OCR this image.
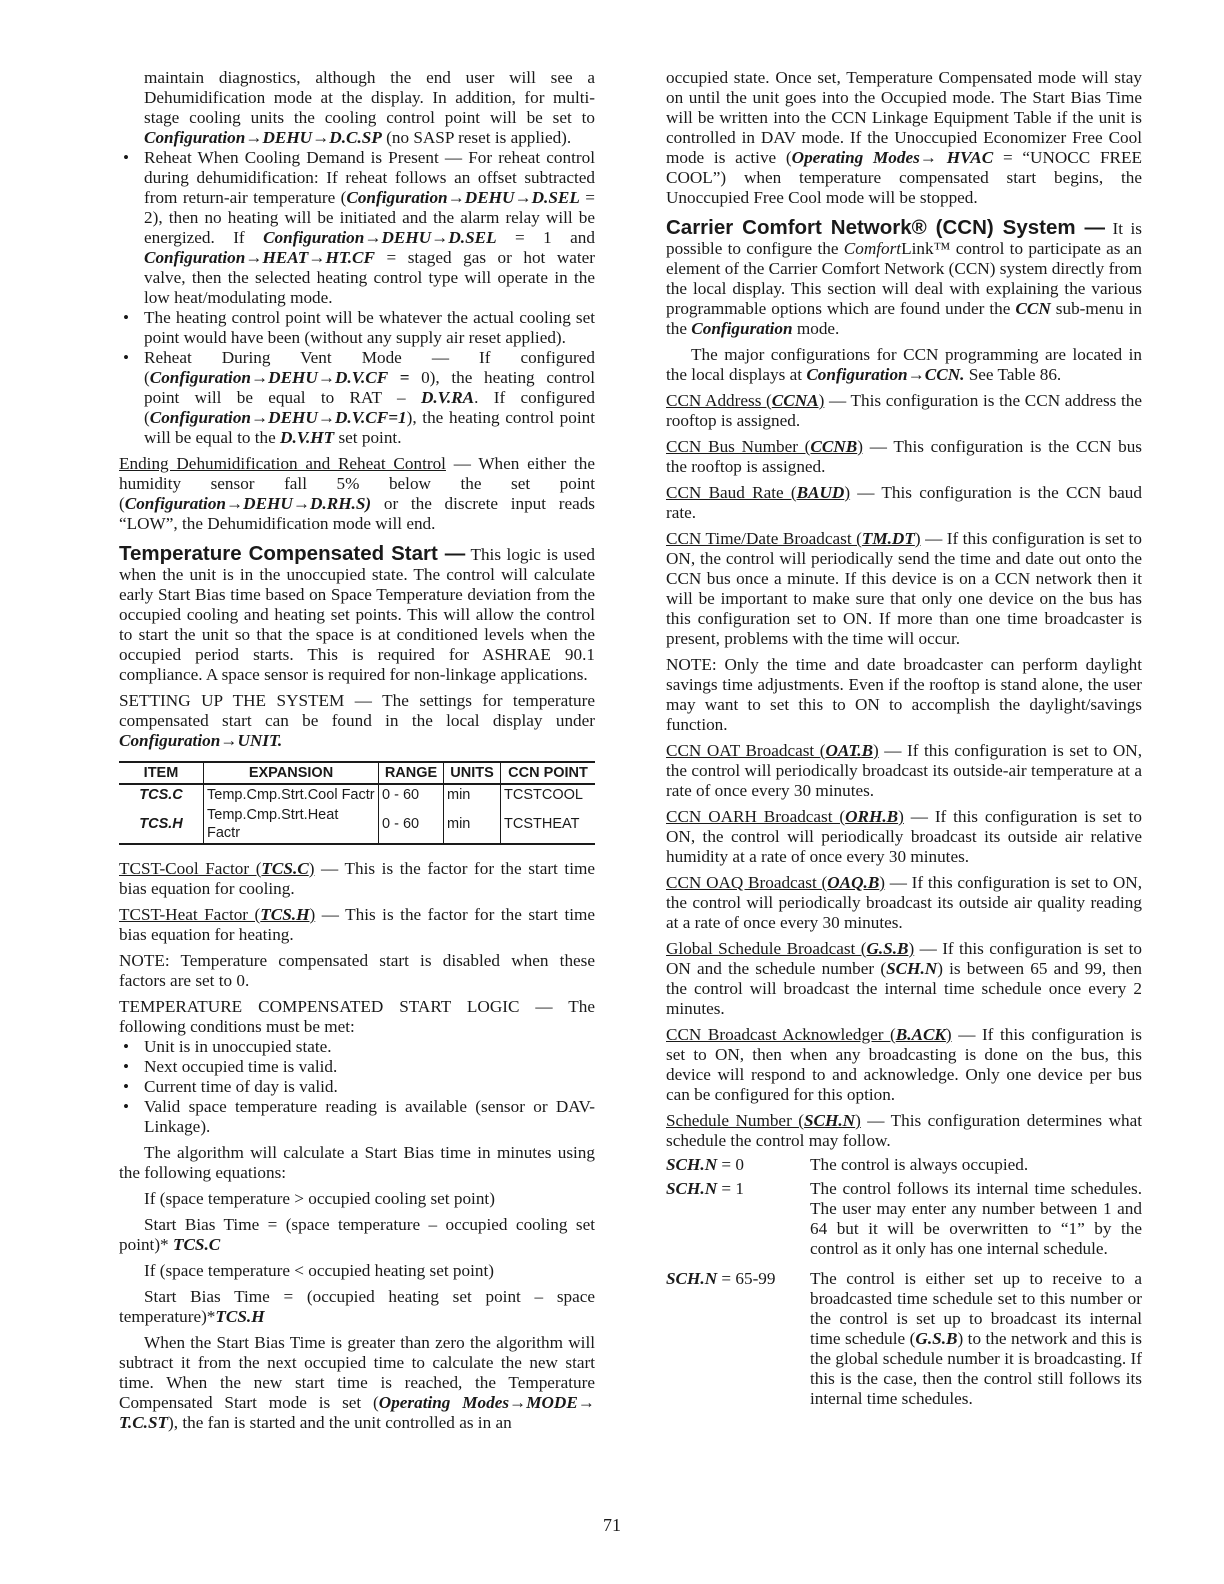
maintain diagnostics, although the end user will see a Dehumidification mode at the display. In addition, for multi-stage cooling units the cooling control point will be set to Configuration→DEHU→D.C.SP (no SASP reset is applied).

• Reheat When Cooling Demand is Present — For reheat control during dehumidification: If reheat follows an offset subtracted from return-air temperature (Configuration→DEHU→D.SEL = 2), then no heating will be initiated and the alarm relay will be energized. If Configuration→DEHU→D.SEL = 1 and Configuration→HEAT→HT.CF = staged gas or hot water valve, then the selected heating control type will operate in the low heat/modulating mode.
• The heating control point will be whatever the actual cooling set point would have been (without any supply air reset applied).
• Reheat During Vent Mode — If configured (Configuration→DEHU→D.V.CF = 0), the heating control point will be equal to RAT – D.V.RA. If configured (Configuration→DEHU→D.V.CF=1), the heating control point will be equal to the D.V.HT set point.

Ending Dehumidification and Reheat Control — When either the humidity sensor fall 5% below the set point (Configuration→DEHU→D.RH.S) or the discrete input reads “LOW”, the Dehumidification mode will end.

Temperature Compensated Start — This logic is used when the unit is in the unoccupied state. The control will calculate early Start Bias time based on Space Temperature deviation from the occupied cooling and heating set points. This will allow the control to start the unit so that the space is at conditioned levels when the occupied period starts. This is required for ASHRAE 90.1 compliance. A space sensor is required for non-linkage applications.

SETTING UP THE SYSTEM — The settings for temperature compensated start can be found in the local display under Configuration→UNIT.

ITEM	EXPANSION	RANGE	UNITS	CCN POINT
TCS.C	Temp.Cmp.Strt.Cool Factr	0 - 60	min	TCSTCOOL
TCS.H	Temp.Cmp.Strt.Heat Factr	0 - 60	min	TCSTHEAT

TCST-Cool Factor (TCS.C) — This is the factor for the start time bias equation for cooling.

TCST-Heat Factor (TCS.H) — This is the factor for the start time bias equation for heating.

NOTE: Temperature compensated start is disabled when these factors are set to 0.

TEMPERATURE COMPENSATED START LOGIC — The following conditions must be met:

• Unit is in unoccupied state.
• Next occupied time is valid.
• Current time of day is valid.
• Valid space temperature reading is available (sensor or DAV-Linkage).

The algorithm will calculate a Start Bias time in minutes using the following equations:

If (space temperature > occupied cooling set point)

Start Bias Time = (space temperature – occupied cooling set point)* TCS.C

If (space temperature < occupied heating set point)

Start Bias Time = (occupied heating set point – space temperature)*TCS.H

When the Start Bias Time is greater than zero the algorithm will subtract it from the next occupied time to calculate the new start time. When the new start time is reached, the Temperature Compensated Start mode is set (Operating Modes→MODE→ T.C.ST), the fan is started and the unit controlled as in an

occupied state. Once set, Temperature Compensated mode will stay on until the unit goes into the Occupied mode. The Start Bias Time will be written into the CCN Linkage Equipment Table if the unit is controlled in DAV mode. If the Unoccupied Economizer Free Cool mode is active (Operating Modes→ HVAC = “UNOCC FREE COOL”) when temperature compensated start begins, the Unoccupied Free Cool mode will be stopped.

Carrier Comfort Network® (CCN) System — It is possible to configure the ComfortLink™ control to participate as an element of the Carrier Comfort Network (CCN) system directly from the local display. This section will deal with explaining the various programmable options which are found under the CCN sub-menu in the Configuration mode.

The major configurations for CCN programming are located in the local displays at Configuration→CCN. See Table 86.

CCN Address (CCNA) — This configuration is the CCN address the rooftop is assigned.

CCN Bus Number (CCNB) — This configuration is the CCN bus the rooftop is assigned.

CCN Baud Rate (BAUD) — This configuration is the CCN baud rate.

CCN Time/Date Broadcast (TM.DT) — If this configuration is set to ON, the control will periodically send the time and date out onto the CCN bus once a minute. If this device is on a CCN network then it will be important to make sure that only one device on the bus has this configuration set to ON. If more than one time broadcaster is present, problems with the time will occur.

NOTE: Only the time and date broadcaster can perform daylight savings time adjustments. Even if the rooftop is stand alone, the user may want to set this to ON to accomplish the daylight/savings function.

CCN OAT Broadcast (OAT.B) — If this configuration is set to ON, the control will periodically broadcast its outside-air temperature at a rate of once every 30 minutes.

CCN OARH Broadcast (ORH.B) — If this configuration is set to ON, the control will periodically broadcast its outside air relative humidity at a rate of once every 30 minutes.

CCN OAQ Broadcast (OAQ.B) — If this configuration is set to ON, the control will periodically broadcast its outside air quality reading at a rate of once every 30 minutes.

Global Schedule Broadcast (G.S.B) — If this configuration is set to ON and the schedule number (SCH.N) is between 65 and 99, then the control will broadcast the internal time schedule once every 2 minutes.

CCN Broadcast Acknowledger (B.ACK) — If this configuration is set to ON, then when any broadcasting is done on the bus, this device will respond to and acknowledge. Only one device per bus can be configured for this option.

Schedule Number (SCH.N) — This configuration determines what schedule the control may follow.

SCH.N = 0	The control is always occupied.
SCH.N = 1	The control follows its internal time schedules. The user may enter any number between 1 and 64 but it will be overwritten to “1” by the control as it only has one internal schedule.
SCH.N = 65-99	The control is either set up to receive to a broadcasted time schedule set to this number or the control is set up to broadcast its internal time schedule (G.S.B) to the network and this is the global schedule number it is broadcasting. If this is the case, then the control still follows its internal time schedules.
71
